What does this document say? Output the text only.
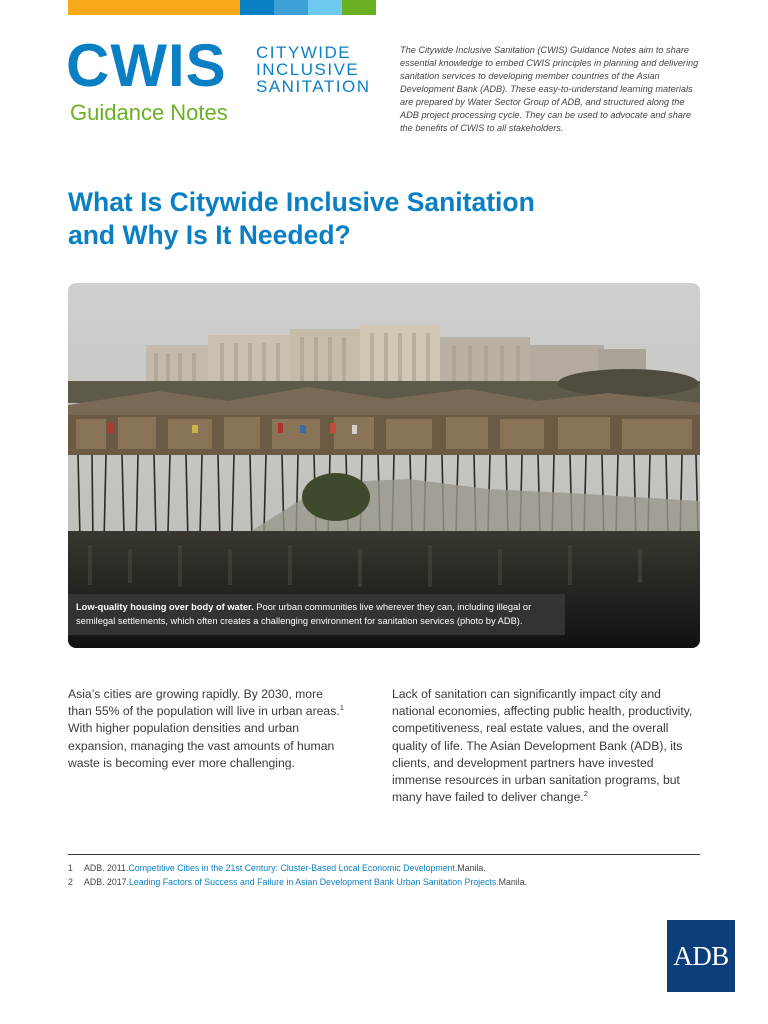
CWIS CITYWIDE
INCLUSIVE
SANITATION
Guidance Notes
The Citywide Inclusive Sanitation (CWIS) Guidance Notes aim to share essential knowledge to embed CWIS principles in planning and delivering sanitation services to developing member countries of the Asian Development Bank (ADB). These easy-to-understand learning materials are prepared by Water Sector Group of ADB, and structured along the ADB project processing cycle. They can be used to advocate and share the benefits of CWIS to all stakeholders.
What Is Citywide Inclusive Sanitation
and Why Is It Needed?
Low-quality housing over body of water. Poor urban communities live wherever they can, including illegal or semilegal settlements, which often creates a challenging environment for sanitation services (photo by ADB).
Asia’s cities are growing rapidly. By 2030, more than 55% of the population will live in urban areas.$^1$ With higher population densities and urban expansion, managing the vast amounts of human waste is becoming ever more challenging.
Lack of sanitation can significantly impact city and national economies, affecting public health, productivity, competitiveness, real estate values, and the overall quality of life. The Asian Development Bank (ADB), its clients, and development partners have invested immense resources in urban sanitation programs, but many have failed to deliver change.$^2$
1	ADB. 2011. Competitive Cities in the 21st Century: Cluster-Based Local Economic Development. Manila.
2	ADB. 2017. Leading Factors of Success and Failure in Asian Development Bank Urban Sanitation Projects. Manila.
ADB
